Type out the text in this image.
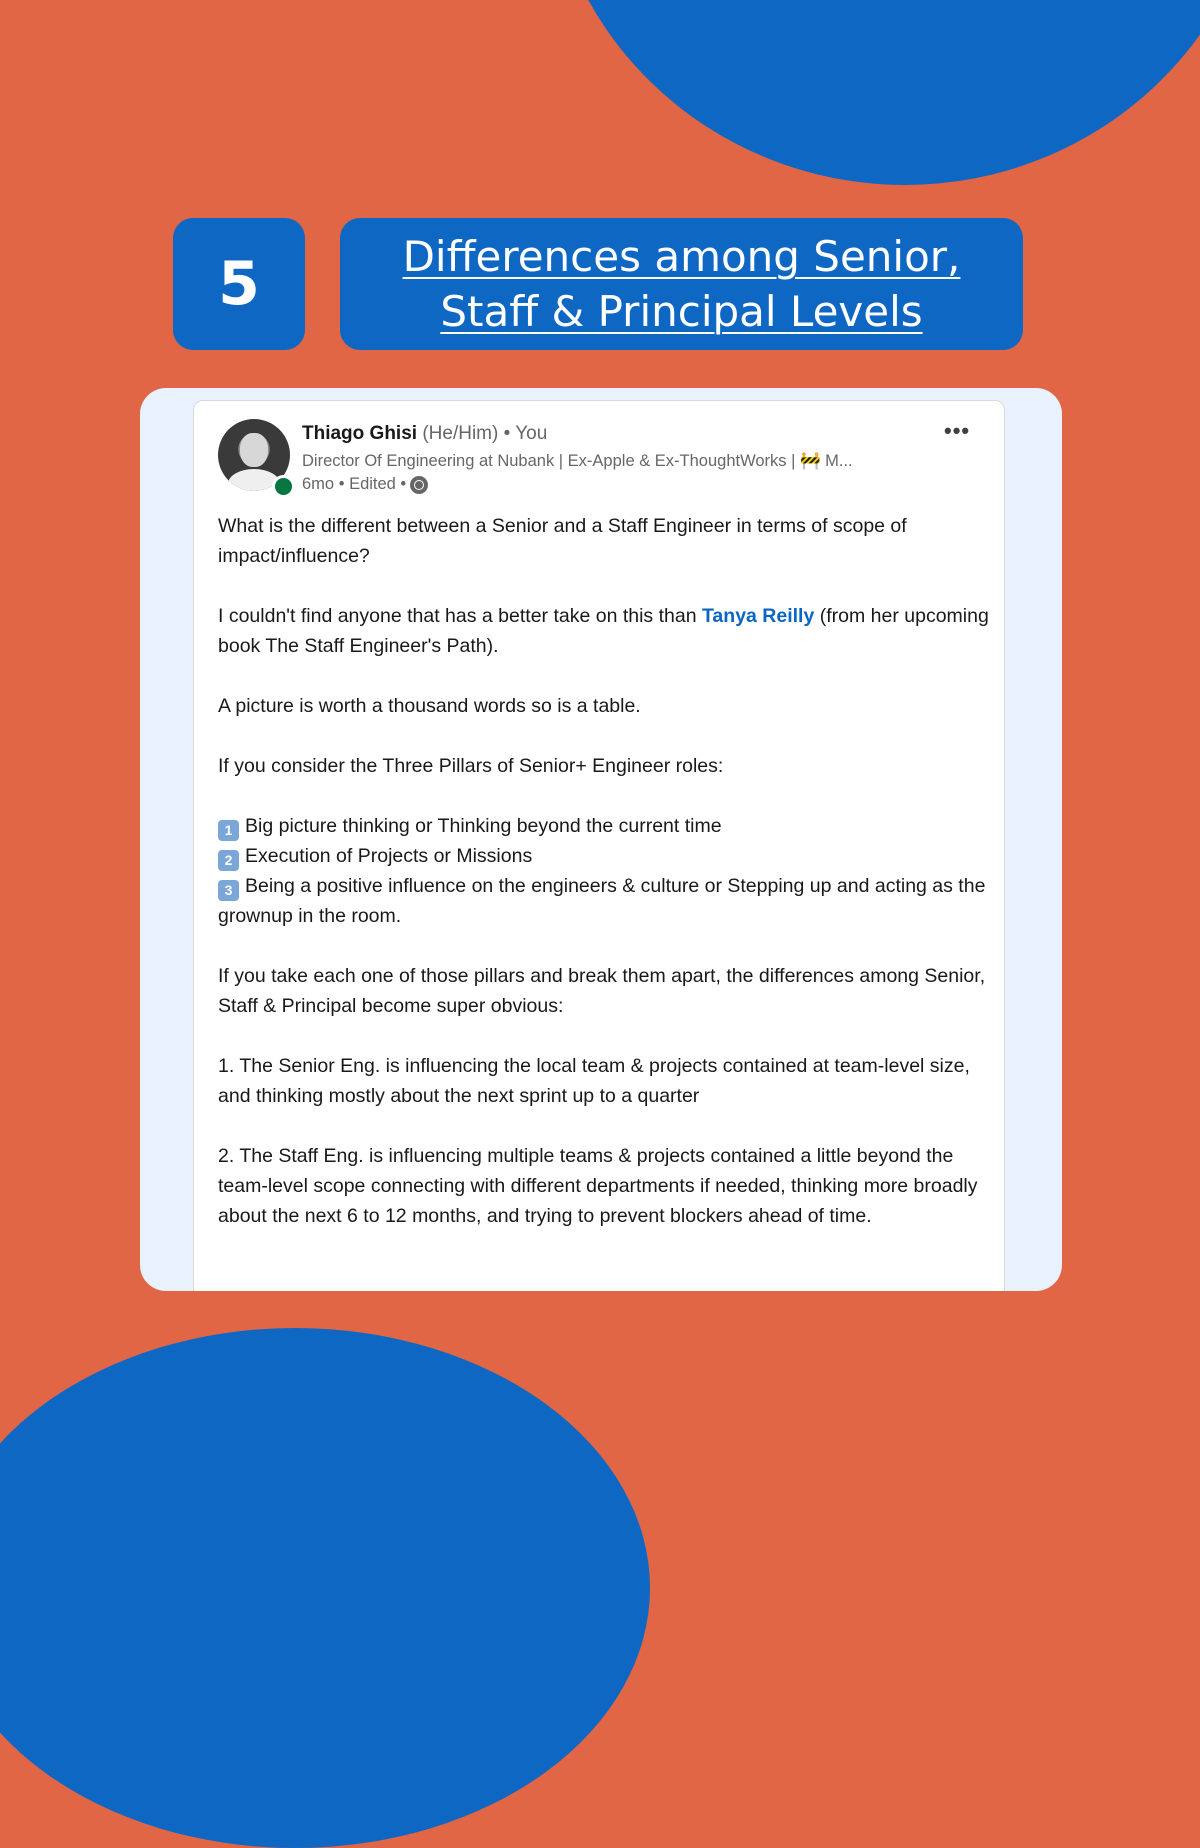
5	Differences among Senior,
Staff & Principal Levels
Thiago Ghisi (He/Him) • You
Director Of Engineering at Nubank | Ex-Apple & Ex-ThoughtWorks | 🚧 M...
6mo
• Edited •
•••

What is the different between a Senior and a Staff Engineer in terms of scope of impact/influence?

I couldn't find anyone that has a better take on this than Tanya Reilly (from her upcoming book The Staff Engineer's Path).

A picture is worth a thousand words so is a table.

If you consider the Three Pillars of Senior+ Engineer roles:

1 Big picture thinking or Thinking beyond the current time
2 Execution of Projects or Missions
3 Being a positive influence on the engineers & culture or Stepping up and acting as the grownup in the room.

If you take each one of those pillars and break them apart, the differences among Senior, Staff & Principal become super obvious:

1. The Senior Eng. is influencing the local team & projects contained at team-level size, and thinking mostly about the next sprint up to a quarter

2. The Staff Eng. is influencing multiple teams & projects contained a little beyond the team-level scope connecting with different departments if needed, thinking more broadly about the next 6 to 12 months, and trying to prevent blockers ahead of time.
